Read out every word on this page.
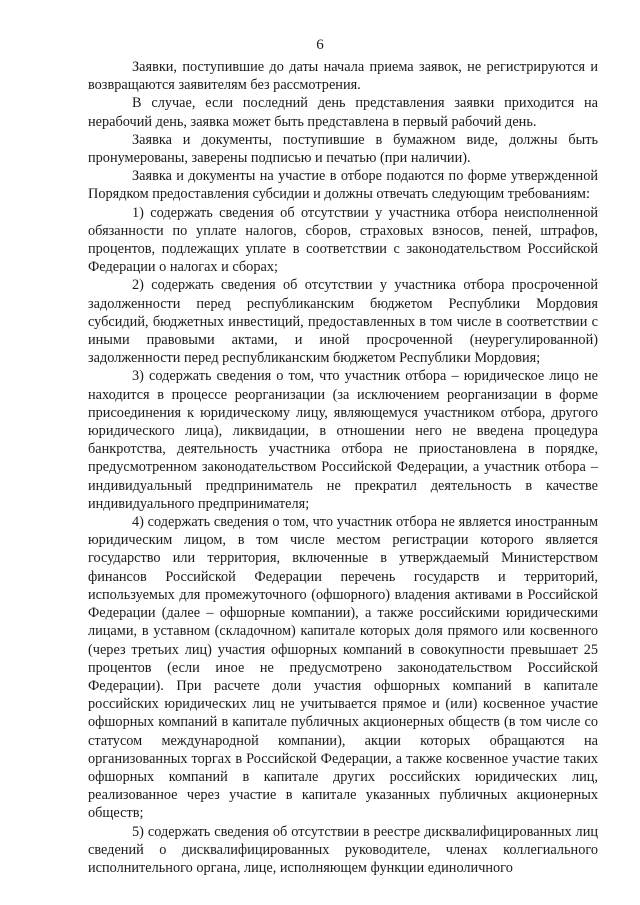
6

Заявки, поступившие до даты начала приема заявок, не регистрируются и возвращаются заявителям без рассмотрения.

В случае, если последний день представления заявки приходится на нерабочий день, заявка может быть представлена в первый рабочий день.

Заявка и документы, поступившие в бумажном виде, должны быть пронумерованы, заверены подписью и печатью (при наличии).

Заявка и документы на участие в отборе подаются по форме утвержденной Порядком предоставления субсидии и должны отвечать следующим требованиям:

1) содержать сведения об отсутствии у участника отбора неисполненной обязанности по уплате налогов, сборов, страховых взносов, пеней, штрафов, процентов, подлежащих уплате в соответствии с законодательством Российской Федерации о налогах и сборах;

2) содержать сведения об отсутствии у участника отбора просроченной задолженности перед республиканским бюджетом Республики Мордовия субсидий, бюджетных инвестиций, предоставленных в том числе в соответствии с иными правовыми актами, и иной просроченной (неурегулированной) задолженности перед республиканским бюджетом Республики Мордовия;

3) содержать сведения о том, что участник отбора – юридическое лицо не находится в процессе реорганизации (за исключением реорганизации в форме присоединения к юридическому лицу, являющемуся участником отбора, другого юридического лица), ликвидации, в отношении него не введена процедура банкротства, деятельность участника отбора не приостановлена в порядке, предусмотренном законодательством Российской Федерации, а участник отбора – индивидуальный предприниматель не прекратил деятельность в качестве индивидуального предпринимателя;

4) содержать сведения о том, что участник отбора не является иностранным юридическим лицом, в том числе местом регистрации которого является государство или территория, включенные в утверждаемый Министерством финансов Российской Федерации перечень государств и территорий, используемых для промежуточного (офшорного) владения активами в Российской Федерации (далее – офшорные компании), а также российскими юридическими лицами, в уставном (складочном) капитале которых доля прямого или косвенного (через третьих лиц) участия офшорных компаний в совокупности превышает 25 процентов (если иное не предусмотрено законодательством Российской Федерации). При расчете доли участия офшорных компаний в капитале российских юридических лиц не учитывается прямое и (или) косвенное участие офшорных компаний в капитале публичных акционерных обществ (в том числе со статусом международной компании), акции которых обращаются на организованных торгах в Российской Федерации, а также косвенное участие таких офшорных компаний в капитале других российских юридических лиц, реализованное через участие в капитале указанных публичных акционерных обществ;

5) содержать сведения об отсутствии в реестре дисквалифицированных лиц сведений о дисквалифицированных руководителе, членах коллегиального исполнительного органа, лице, исполняющем функции единоличного
